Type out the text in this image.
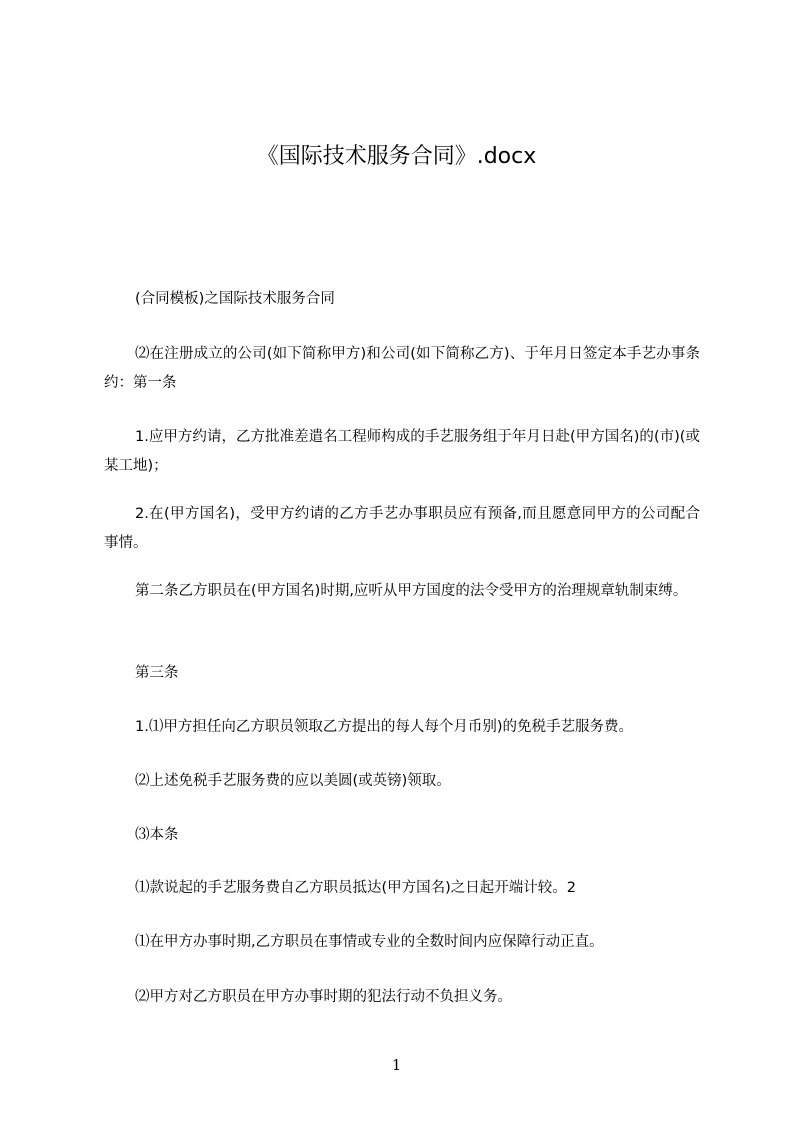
《国际技术服务合同》.docx

(合同模板)之国际技术服务合同

⑵在注册成立的公司(如下简称甲方)和公司(如下简称乙方)、于年月日签定本手艺办事条约：第一条

1.应甲方约请，乙方批准差遣名工程师构成的手艺服务组于年月日赴(甲方国名)的(市)(或某工地)；

2.在(甲方国名)，受甲方约请的乙方手艺办事职员应有预备,而且愿意同甲方的公司配合事情。

第二条乙方职员在(甲方国名)时期,应听从甲方国度的法令受甲方的治理规章轨制束缚。

第三条

1.⑴甲方担任向乙方职员领取乙方提出的每人每个月币别)的免税手艺服务费。

⑵上述免税手艺服务费的应以美圆(或英镑)领取。

⑶本条

⑴款说起的手艺服务费自乙方职员抵达(甲方国名)之日起开端计较。2

⑴在甲方办事时期,乙方职员在事情或专业的全数时间内应保障行动正直。

⑵甲方对乙方职员在甲方办事时期的犯法行动不负担义务。

1
